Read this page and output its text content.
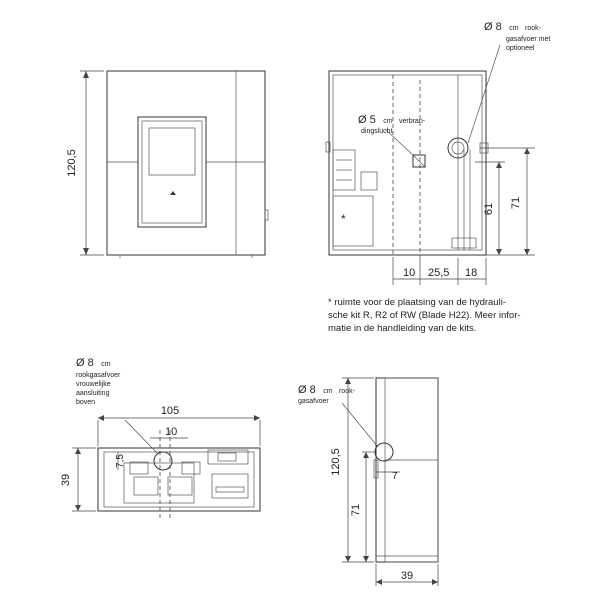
120,5
*
71
61
10 25,5 18
Ø 8 cm rook-
gasafvoer met
optioneel
Ø 5 cm verbran-
dingslucht
105
10
7,5
39
Ø 8 cm
rookgasafvoer
vrouwelijke
aansluiting
boven
120,5
71
7
39
Ø 8 cm rook-
gasafvoer
* ruimte voor de plaatsing van de hydrauli-
sche kit R, R2 of RW (Blade H22). Meer infor-
matie in de handleiding van de kits.
